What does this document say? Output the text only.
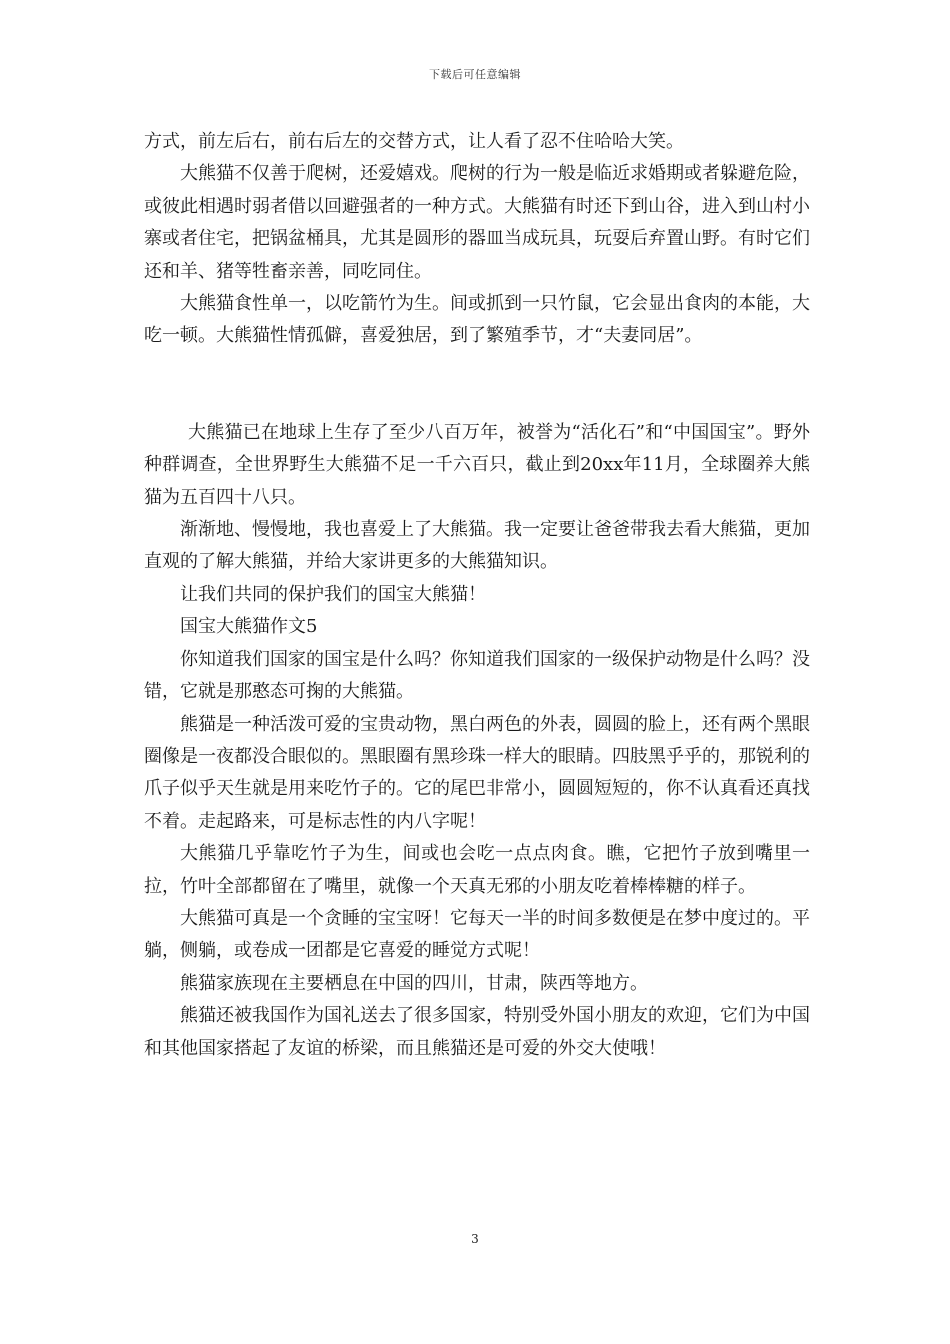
下载后可任意编辑

方式，前左后右，前右后左的交替方式，让人看了忍不住哈哈大笑。

大熊猫不仅善于爬树，还爱嬉戏。爬树的行为一般是临近求婚期或者躲避危险，或彼此相遇时弱者借以回避强者的一种方式。大熊猫有时还下到山谷，进入到山村小寨或者住宅，把锅盆桶具，尤其是圆形的器皿当成玩具，玩耍后弃置山野。有时它们还和羊、猪等牲畜亲善，同吃同住。

大熊猫食性单一，以吃箭竹为生。间或抓到一只竹鼠，它会显出食肉的本能，大吃一顿。大熊猫性情孤僻，喜爱独居，到了繁殖季节，才“夫妻同居”。

大熊猫已在地球上生存了至少八百万年，被誉为“活化石”和“中国国宝”。野外种群调查，全世界野生大熊猫不足一千六百只，截止到20xx年11月，全球圈养大熊猫为五百四十八只。

渐渐地、慢慢地，我也喜爱上了大熊猫。我一定要让爸爸带我去看大熊猫，更加直观的了解大熊猫，并给大家讲更多的大熊猫知识。

让我们共同的保护我们的国宝大熊猫！

国宝大熊猫作文5

你知道我们国家的国宝是什么吗？你知道我们国家的一级保护动物是什么吗？没错，它就是那憨态可掬的大熊猫。

熊猫是一种活泼可爱的宝贵动物，黑白两色的外表，圆圆的脸上，还有两个黑眼圈像是一夜都没合眼似的。黑眼圈有黑珍珠一样大的眼睛。四肢黑乎乎的，那锐利的爪子似乎天生就是用来吃竹子的。它的尾巴非常小，圆圆短短的，你不认真看还真找不着。走起路来，可是标志性的内八字呢！

大熊猫几乎靠吃竹子为生，间或也会吃一点点肉食。瞧，它把竹子放到嘴里一拉，竹叶全部都留在了嘴里，就像一个天真无邪的小朋友吃着棒棒糖的样子。

大熊猫可真是一个贪睡的宝宝呀！它每天一半的时间多数便是在梦中度过的。平躺，侧躺，或卷成一团都是它喜爱的睡觉方式呢！

熊猫家族现在主要栖息在中国的四川，甘肃，陕西等地方。

熊猫还被我国作为国礼送去了很多国家，特别受外国小朋友的欢迎，它们为中国和其他国家搭起了友谊的桥梁，而且熊猫还是可爱的外交大使哦！

3
